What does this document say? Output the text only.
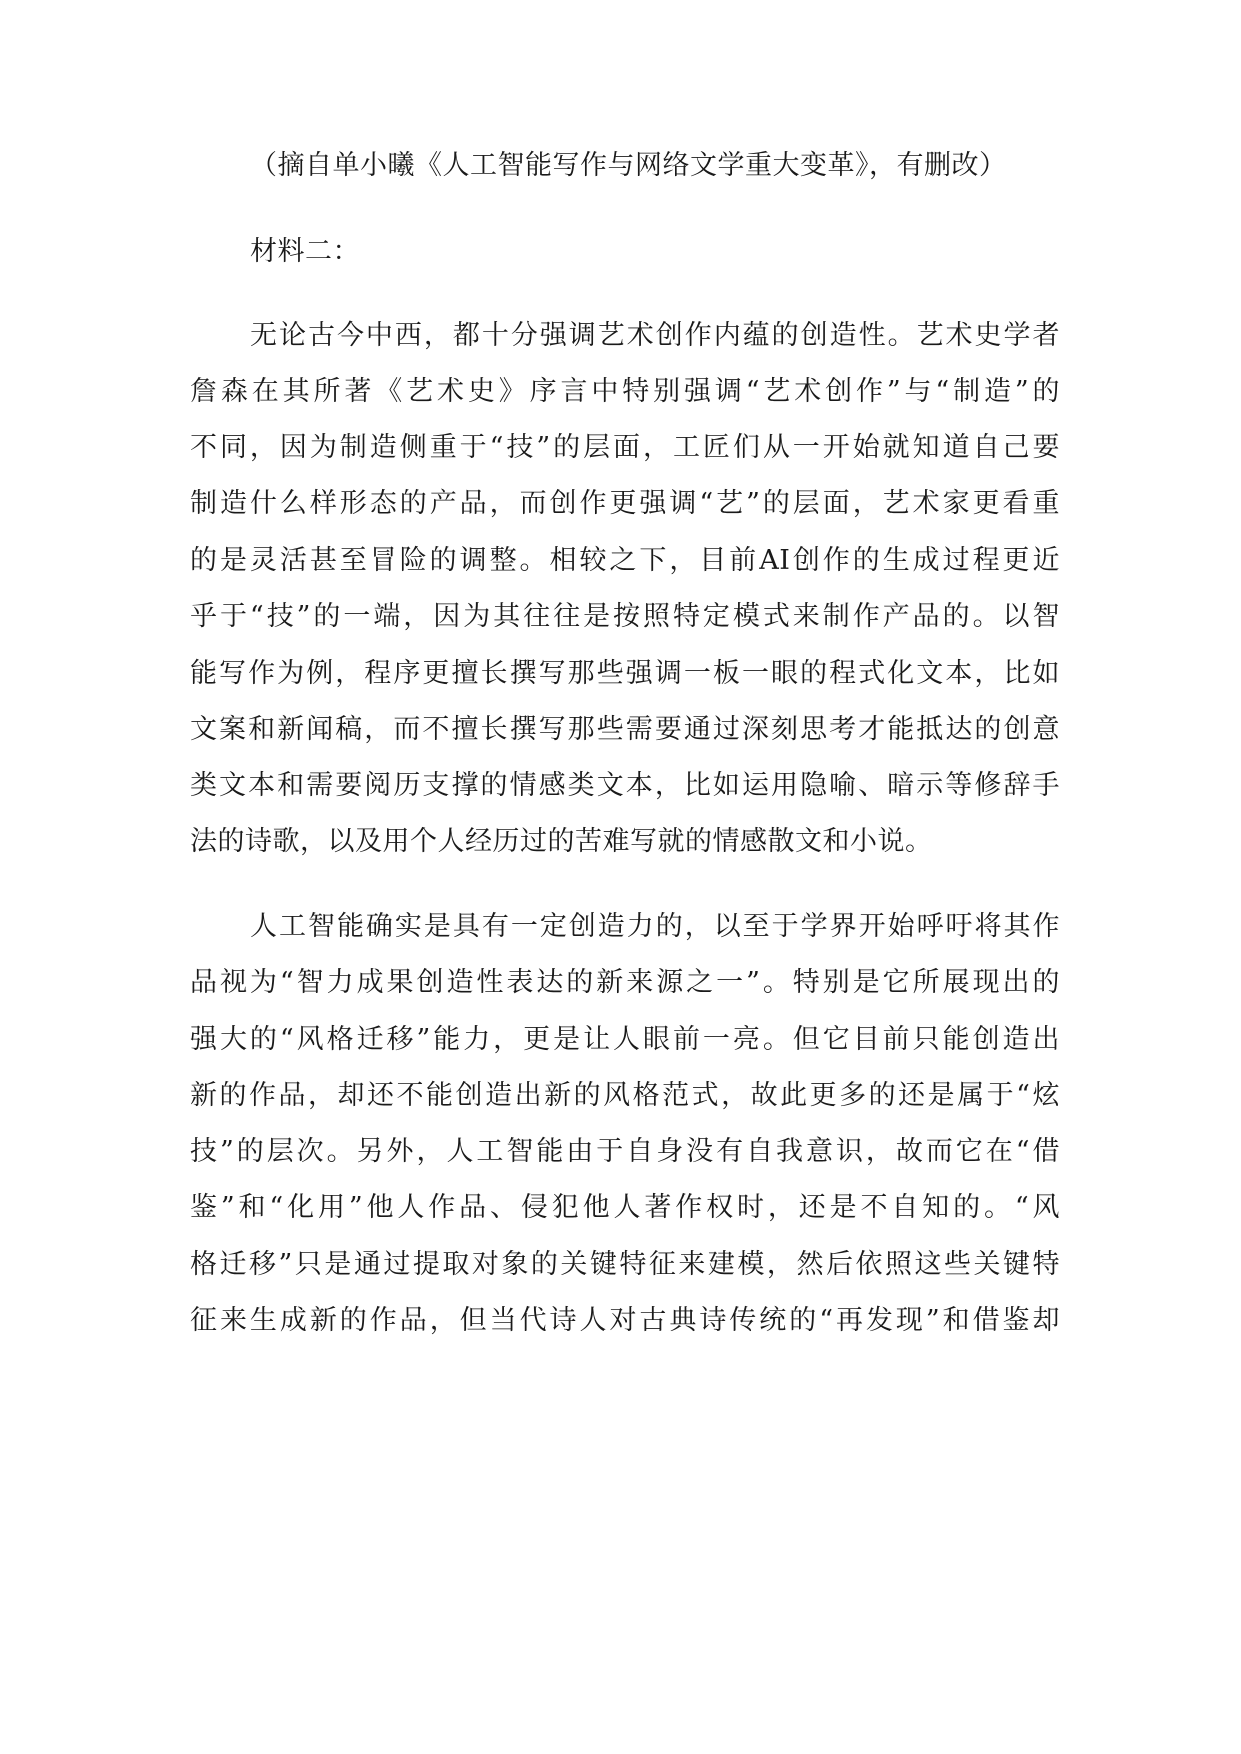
（摘自单小曦《人工智能写作与网络文学重大变革》，有删改）
材料二：
无论古今中西，都十分强调艺术创作内蕴的创造性。艺术史学者
詹森在其所著《艺术史》序言中特别强调“艺术创作”与“制造”的
不同，因为制造侧重于“技”的层面，工匠们从一开始就知道自己要
制造什么样形态的产品，而创作更强调“艺”的层面，艺术家更看重
的是灵活甚至冒险的调整。相较之下，目前AI创作的生成过程更近
乎于“技”的一端，因为其往往是按照特定模式来制作产品的。以智
能写作为例，程序更擅长撰写那些强调一板一眼的程式化文本，比如
文案和新闻稿，而不擅长撰写那些需要通过深刻思考才能抵达的创意
类文本和需要阅历支撑的情感类文本，比如运用隐喻、暗示等修辞手
法的诗歌，以及用个人经历过的苦难写就的情感散文和小说。
人工智能确实是具有一定创造力的，以至于学界开始呼吁将其作
品视为“智力成果创造性表达的新来源之一”。特别是它所展现出的
强大的“风格迁移”能力，更是让人眼前一亮。但它目前只能创造出
新的作品，却还不能创造出新的风格范式，故此更多的还是属于“炫
技”的层次。另外，人工智能由于自身没有自我意识，故而它在“借
鉴”和“化用”他人作品、侵犯他人著作权时，还是不自知的。“风
格迁移”只是通过提取对象的关键特征来建模，然后依照这些关键特
征来生成新的作品，但当代诗人对古典诗传统的“再发现”和借鉴却
